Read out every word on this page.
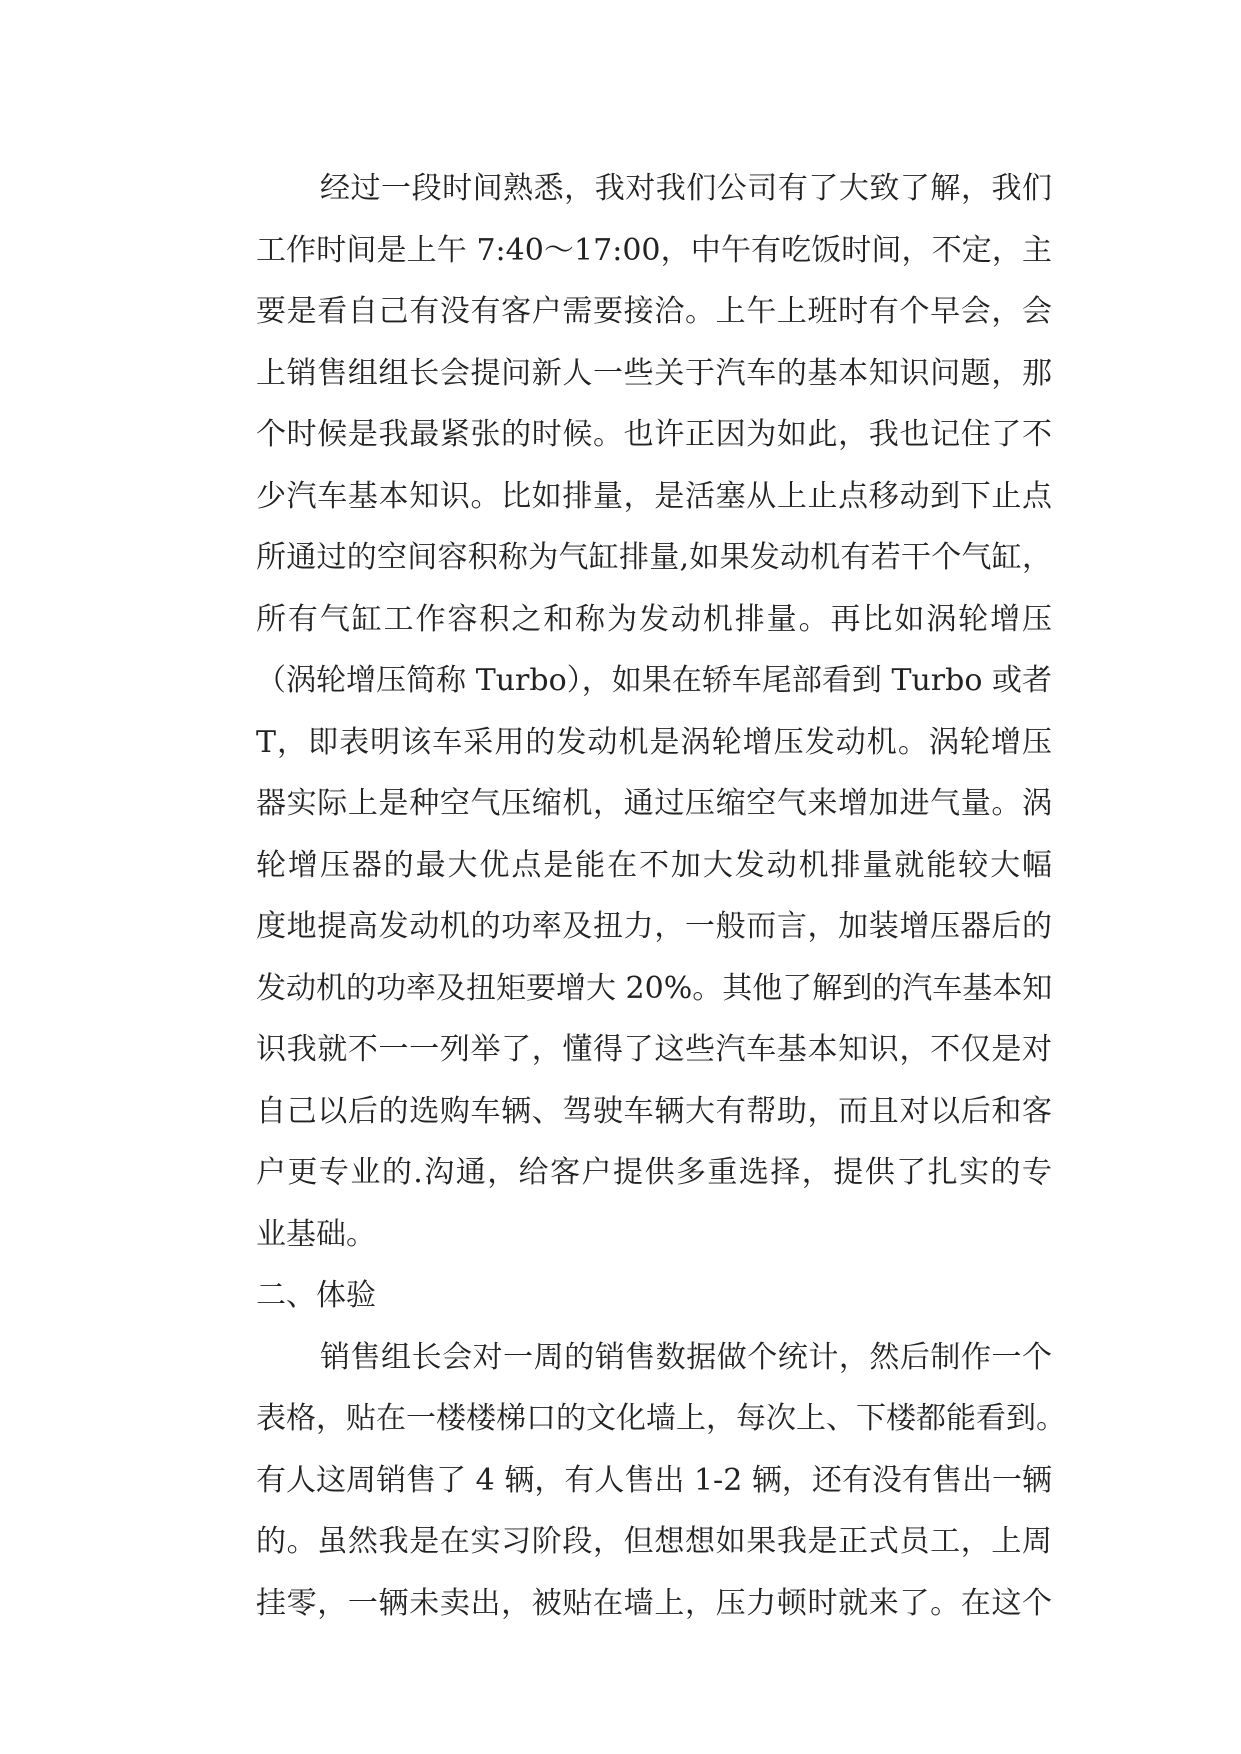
经过一段时间熟悉，我对我们公司有了大致了解，我们
工作时间是上午 7:40～17:00，中午有吃饭时间，不定，主
要是看自己有没有客户需要接洽。上午上班时有个早会，会
上销售组组长会提问新人一些关于汽车的基本知识问题，那
个时候是我最紧张的时候。也许正因为如此，我也记住了不
少汽车基本知识。比如排量，是活塞从上止点移动到下止点
所通过的空间容积称为气缸排量,如果发动机有若干个气缸，
所有气缸工作容积之和称为发动机排量。再比如涡轮增压
（涡轮增压简称 Turbo），如果在轿车尾部看到 Turbo 或者
T，即表明该车采用的发动机是涡轮增压发动机。涡轮增压
器实际上是种空气压缩机，通过压缩空气来增加进气量。涡
轮增压器的最大优点是能在不加大发动机排量就能较大幅
度地提高发动机的功率及扭力，一般而言，加装增压器后的
发动机的功率及扭矩要增大 20%。其他了解到的汽车基本知
识我就不一一列举了，懂得了这些汽车基本知识，不仅是对
自己以后的选购车辆、驾驶车辆大有帮助，而且对以后和客
户更专业的.沟通，给客户提供多重选择，提供了扎实的专
业基础。
二、体验
销售组长会对一周的销售数据做个统计，然后制作一个
表格，贴在一楼楼梯口的文化墙上，每次上、下楼都能看到。
有人这周销售了 4 辆，有人售出 1-2 辆，还有没有售出一辆
的。虽然我是在实习阶段，但想想如果我是正式员工，上周
挂零，一辆未卖出，被贴在墙上，压力顿时就来了。在这个
